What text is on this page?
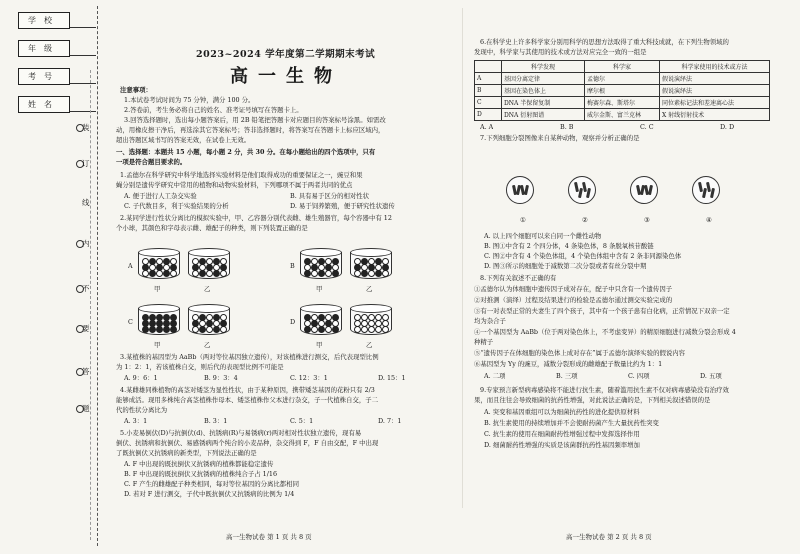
学校
年级
考号
姓名
装
订
线
内
不
要
答
题
2023~2024 学年度第二学期期末考试
高一生物
注意事项：
1.本试卷考试时间为 75 分钟，满分 100 分。
2.答卷前，考生务必将自己的姓名、准考证号填写在答题卡上。
3.回答选择题时，选出每小题答案后，用 2B 铅笔把答题卡对应题目的答案标号涂黑。如需改
动，用橡皮擦干净后，再选涂其它答案标号；答非选择题时，将答案写在答题卡上标应区域内，
超出答题区域书写的答案无效，在试卷上无效。
一、选择题：本题共 15 小题，每小题 2 分，共 30 分。在每小题给出的四个选项中，只有
一项是符合题目要求的。
1.孟德尔在科学研究中科学地选择实验材料是他们取得成功的重要保证之一，豌豆和果
蝇分别是遗传学研究中常用的植物和动物实验材料，下列哪项不属于两者共同的优点
A. 便于进行人工杂交实验	B. 具有易于区分的相对性状
C. 子代数目多，利于实验结果的分析	D. 易于饲养繁殖，便于研究性状遗传
2.某同学进行性状分离比的模拟实验中，甲、乙容器分别代表雌、雄生殖器官，每个容器中有 12
个小球，其颜色和字母表示雌、雄配子的种类，则下列装置正确的是
A	B
C	D
甲	乙	甲	乙
甲	乙	甲	乙
3.某植株的基因型为 AaBb（两对等位基因独立遗传），对该植株进行测交，后代表现型比例
为 1：2：1，若该植株自交，则后代的表现型比例不可能是
A. 9：6：1	B. 9：3：4	C. 12：3：1	D. 15：1
4.某雌雄同株植物的高茎对矮茎为显性性状，由于某种原因，携带矮茎基因的花粉只有 2/3
能够成活。现用多株纯合高茎植株作母本、矮茎植株作父本进行杂交，子一代植株自交，子二
代的性状分离比为
A. 3：1	B. 3：1	C. 5：1	D. 7：1
5.小麦易倒伏(D)与抗倒伏(d)、抗锈病(R)与易锈病(r)两对相对性状独立遗传，现有易
倒伏、抗锈病和抗倒伏、易感锈病两个纯合的小麦品种，杂交得到 F，F 自由交配，F 中出现
了既抗倒伏又抗锈病的新类型，下列说法正确的是
A. F 中出现的既抗倒伏又抗锈病的植株都能稳定遗传
B. F 中出现的既抗倒伏又抗锈病的植株纯合子占 1/16
C. F 产生的雌雄配子种类相同，每对等位基因的分离比都相同
D. 若对 F 进行测交，子代中既抗倒伏又抗锈病的比例为 1/4
高一生物试卷 第 1 页 共 8 页
6.在科学史上许多科学家分别用科学的思想方法取得了重大科技成就，在下列生物领域的
发现中，科学家与其使用的技术或方法对应完全一致的一组是
	科学发现	科学家	科学家使用的技术或方法
A	基因分离定律	孟德尔	假说演绎法
B	基因在染色体上	摩尔根	假说演绎法
C	DNA 半保留复制	梅赛尔森、斯塔尔	同位素标记法和差速离心法
D	DNA 衍射图谱	威尔金斯、富兰克林	X 射线衍射技术
A. A	B. B	C. C	D. D
7.下列细胞分裂图像来自某种动物，观察并分析正确的是
①	②	③	④
A. 以上四个细胞可以来自同一个雌性动物
B. 图①中含有 2 个四分体，4 条染色体，8 条脱氧核苷酸链
C. 图②中含有 4 个染色体组，4 个染色体组中含有 2 条非同源染色体
D. 图③所示的细胞处于减数第二次分裂或者有丝分裂中期
8.下列有关叙述不正确的有
①孟德尔认为体细胞中遗传因子成对存在，配子中只含有一个遗传因子
②对推测（演绎）过程及结果进行的检验是孟德尔通过测交实验完成的
③有一对表型正常的夫妻生了四个孩子，其中有一个孩子患有白化病，正常情况下双亲一定
均为杂合子
④一个基因型为 AaBb（位于两对染色体上，不考虑变异）的精原细胞进行减数分裂会形成 4
种精子
⑤“遗传因子在体细胞的染色体上成对存在”属于孟德尔演绎实验的假说内容
⑥基因型为 Yy 的豌豆，减数分裂形成的雌雄配子数量比约为 1：1
A. 二项	B. 三项	C. 四项	D. 五项
9.专家预言新型病毒感染将不能进行抗生素，随着滥用抗生素不仅对病毒感染没有治疗效
果，而且往往会导致细菌的抗药性增强，对此说法正确的是，下列相关叙述错误的是
A. 突变和基因重组可以为细菌抗药性的进化提供原材料
B. 抗生素使用的持续增加并不会使耐药菌产生大量抗药性突变
C. 抗生素的使用在细菌耐药性增强过程中发挥选择作用
D. 细菌耐药性增强的实质是该菌群抗药性基因频率增加
高一生物试卷 第 2 页 共 8 页
